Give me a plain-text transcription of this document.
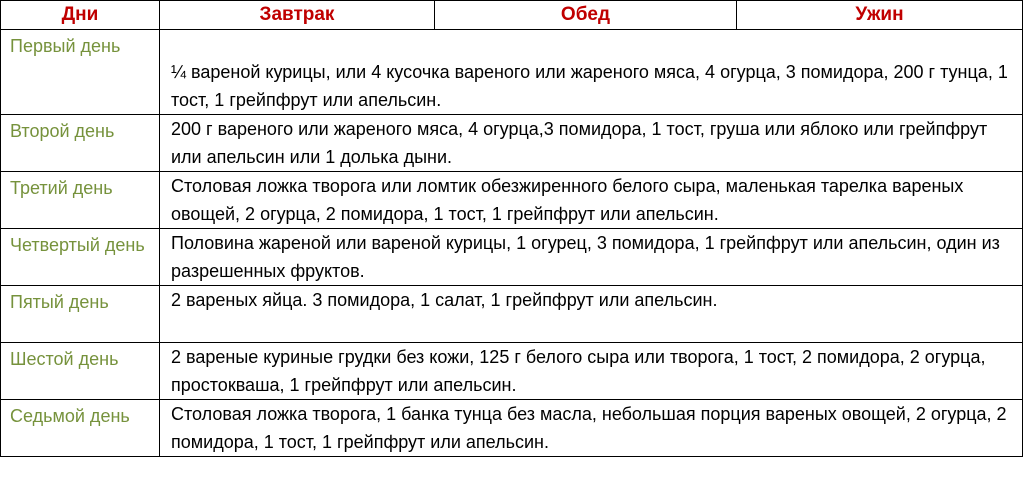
Дни	Завтрак	Обед	Ужин
Первый день	¼ вареной курицы, или 4 кусочка вареного или жареного мяса, 4 огурца, 3 помидора, 200 г тунца, 1 тост, 1 грейпфрут или апельсин.		
Второй день	200 г вареного или жареного мяса, 4 огурца,3 помидора, 1 тост, груша или яблоко или грейпфрут или апельсин или 1 долька дыни.		
Третий день	Столовая ложка творога или ломтик обезжиренного белого сыра, маленькая тарелка вареных овощей, 2 огурца, 2 помидора, 1 тост, 1 грейпфрут или апельсин.		
Четвертый день	Половина жареной или вареной курицы, 1 огурец, 3 помидора, 1 грейпфрут или апельсин, один из разрешенных фруктов.		
Пятый день	2 вареных яйца. 3 помидора, 1 салат, 1 грейпфрут или апельсин.		
Шестой день	2 вареные куриные грудки без кожи, 125 г белого сыра или творога, 1 тост, 2 помидора, 2 огурца, простокваша, 1 грейпфрут или апельсин.		
Седьмой день	Столовая ложка творога, 1 банка тунца без масла, небольшая порция вареных овощей, 2 огурца, 2 помидора, 1 тост, 1 грейпфрут или апельсин.		
